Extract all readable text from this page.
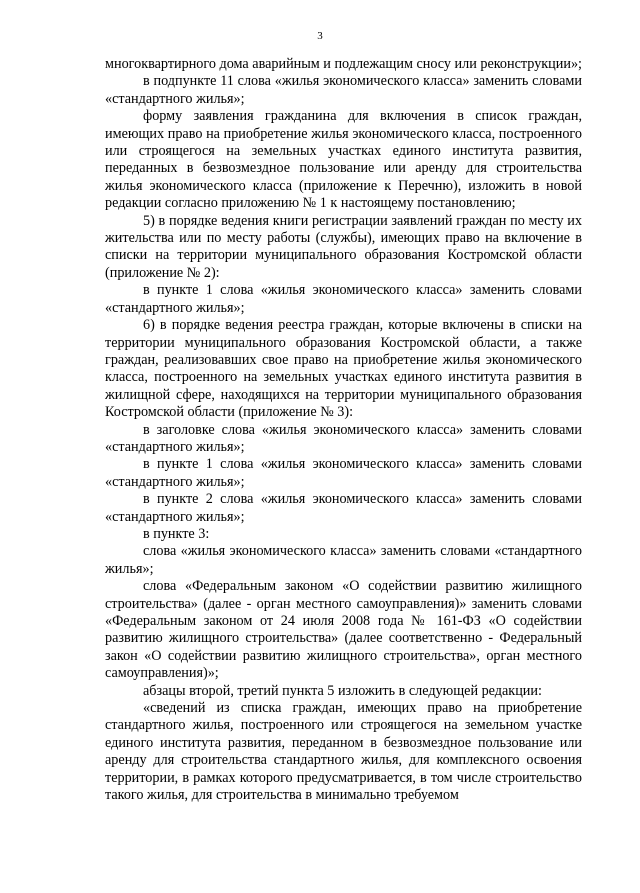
3

многоквартирного дома аварийным и подлежащим сносу или реконструкции»;

в подпункте 11 слова «жилья экономического класса» заменить словами «стандартного жилья»;

форму заявления гражданина для включения в список граждан, имеющих право на приобретение жилья экономического класса, построенного или строящегося на земельных участках единого института развития, переданных в безвозмездное пользование или аренду для строительства жилья экономического класса (приложение к Перечню), изложить в новой редакции согласно приложению № 1 к настоящему постановлению;

5) в порядке ведения книги регистрации заявлений граждан по месту их жительства или по месту работы (службы), имеющих право на включение в списки на территории муниципального образования Костромской области (приложение № 2):

в пункте 1 слова «жилья экономического класса» заменить словами «стандартного жилья»;

6) в порядке ведения реестра граждан, которые включены в списки на территории муниципального образования Костромской области, а также граждан, реализовавших свое право на приобретение жилья экономического класса, построенного на земельных участках единого института развития в жилищной сфере, находящихся на территории муниципального образования Костромской области (приложение № 3):

в заголовке слова «жилья экономического класса» заменить словами «стандартного жилья»;

в пункте 1 слова «жилья экономического класса» заменить словами «стандартного жилья»;

в пункте 2 слова «жилья экономического класса» заменить словами «стандартного жилья»;

в пункте 3:

слова «жилья экономического класса» заменить словами «стандартного жилья»;

слова «Федеральным законом «О содействии развитию жилищного строительства» (далее - орган местного самоуправления)» заменить словами «Федеральным законом от 24 июля 2008 года № 161-ФЗ «О содействии развитию жилищного строительства» (далее соответственно - Федеральный закон «О содействии развитию жилищного строительства», орган местного самоуправления)»;

абзацы второй, третий пункта 5 изложить в следующей редакции:

«сведений из списка граждан, имеющих право на приобретение стандартного жилья, построенного или строящегося на земельном участке единого института развития, переданном в безвозмездное пользование или аренду для строительства стандартного жилья, для комплексного освоения территории, в рамках которого предусматривается, в том числе строительство такого жилья, для строительства в минимально требуемом
